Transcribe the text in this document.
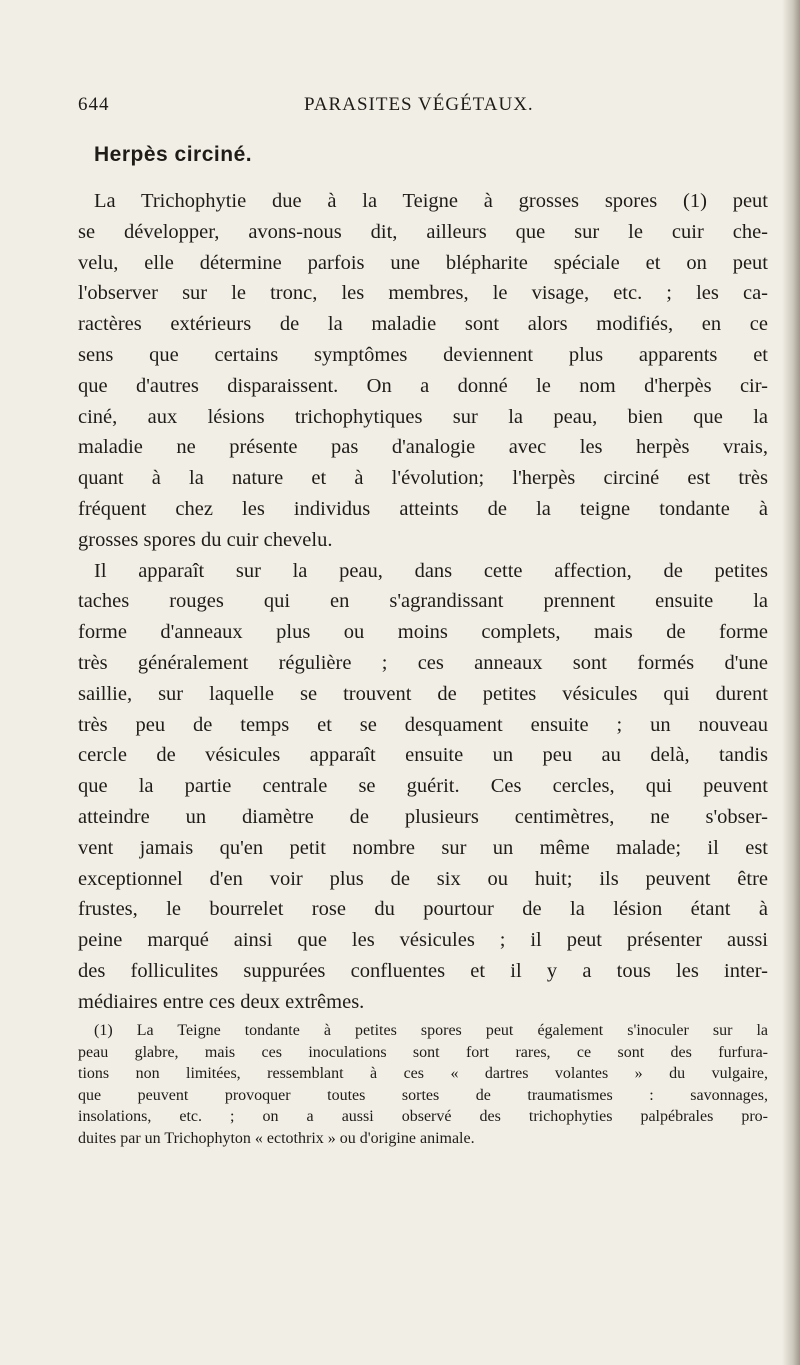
644	PARASITES VÉGÉTAUX.
Herpès circiné.
La Trichophytie due à la Teigne à grosses spores (1) peut
se développer, avons-nous dit, ailleurs que sur le cuir che-
velu, elle détermine parfois une blépharite spéciale et on peut
l'observer sur le tronc, les membres, le visage, etc. ; les ca-
ractères extérieurs de la maladie sont alors modifiés, en ce
sens que certains symptômes deviennent plus apparents et
que d'autres disparaissent. On a donné le nom d'herpès cir-
ciné, aux lésions trichophytiques sur la peau, bien que la
maladie ne présente pas d'analogie avec les herpès vrais,
quant à la nature et à l'évolution; l'herpès circiné est très
fréquent chez les individus atteints de la teigne tondante à
grosses spores du cuir chevelu.
Il apparaît sur la peau, dans cette affection, de petites
taches rouges qui en s'agrandissant prennent ensuite la
forme d'anneaux plus ou moins complets, mais de forme
très généralement régulière ; ces anneaux sont formés d'une
saillie, sur laquelle se trouvent de petites vésicules qui durent
très peu de temps et se desquament ensuite ; un nouveau
cercle de vésicules apparaît ensuite un peu au delà, tandis
que la partie centrale se guérit. Ces cercles, qui peuvent
atteindre un diamètre de plusieurs centimètres, ne s'obser-
vent jamais qu'en petit nombre sur un même malade; il est
exceptionnel d'en voir plus de six ou huit; ils peuvent être
frustes, le bourrelet rose du pourtour de la lésion étant à
peine marqué ainsi que les vésicules ; il peut présenter aussi
des folliculites suppurées confluentes et il y a tous les inter-
médiaires entre ces deux extrêmes.
(1) La Teigne tondante à petites spores peut également s'inoculer sur la
peau glabre, mais ces inoculations sont fort rares, ce sont des furfura-
tions non limitées, ressemblant à ces « dartres volantes » du vulgaire,
que peuvent provoquer toutes sortes de traumatismes : savonnages,
insolations, etc. ; on a aussi observé des trichophyties palpébrales pro-
duites par un Trichophyton « ectothrix » ou d'origine animale.
